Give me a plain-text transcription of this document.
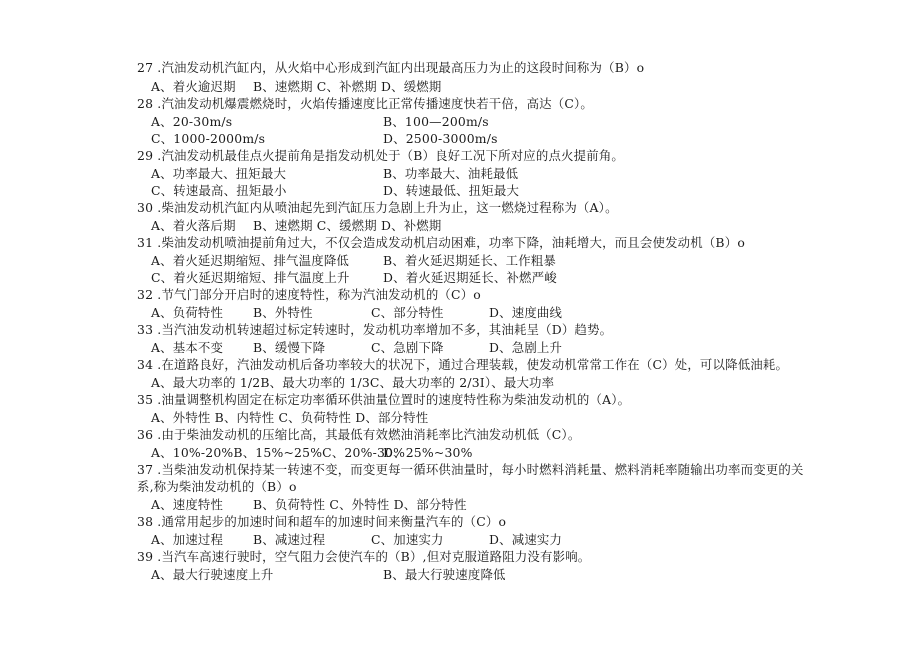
27 .汽油发动机汽缸内，从火焰中心形成到汽缸内出现最高压力为止的这段时间称为（B）o
A、着火逾迟期 B、速燃期 C、补燃期 D、缓燃期
28 .汽油发动机爆震燃烧时，火焰传播速度比正常传播速度快若干倍，高达（C）。
A、20-30m/s	B、100—200m/s
C、1000-2000m/s	D、2500-3000m/s
29 .汽油发动机最佳点火提前角是指发动机处于（B）良好工况下所对应的点火提前角。
A、功率最大、扭矩最大	B、功率最大、油耗最低
C、转速最高、扭矩最小	D、转速最低、扭矩最大
30 .柴油发动机汽缸内从喷油起先到汽缸压力急剧上升为止，这一燃烧过程称为（A）。
A、着火落后期 B、速燃期 C、缓燃期 D、补燃期
31 .柴油发动机喷油提前角过大，不仅会造成发动机启动困难，功率下降，油耗增大，而且会使发动机（B）o
A、着火延迟期缩短、排气温度降低	B、着火延迟期延长、工作粗暴
C、着火延迟期缩短、排气温度上升	D、着火延迟期延长、补燃严峻
32 .节气门部分开启时的速度特性，称为汽油发动机的（C）o
A、负荷特性 B、外特性	C、部分特性	D、速度曲线
33 .当汽油发动机转速超过标定转速时，发动机功率增加不多，其油耗呈（D）趋势。
A、基本不变 B、缓慢下降	C、急剧下降	D、急剧上升
34 .在道路良好，汽油发动机后备功率较大的状况下，通过合理装载，使发动机常常工作在（C）处，可以降低油耗。
A、最大功率的 1/2B、最大功率的 1/3C、最大功率的 2/3I）、最大功率
35 .油量调整机构固定在标定功率循环供油量位置时的速度特性称为柴油发动机的（A）。
A、外特性 B、内特性 C、负荷特性 D、部分特性
36 .由于柴油发动机的压缩比高，其最低有效燃油消耗率比汽油发动机低（C）。
A、10%-20%B、15%~25%C、20%-30%
D、25%~30%
37 .当柴油发动机保持某一转速不变，而变更每一循环供油量时，每小时燃料消耗量、燃料消耗率随输出功率而变更的关
系,称为柴油发动机的（B）o
A、速度特性 B、负荷特性 C、外特性 D、部分特性
38 .通常用起步的加速时间和超车的加速时间来衡量汽车的（C）o
A、加速过程 B、减速过程	C、加速实力	D、减速实力
39 .当汽车高速行驶时，空气阻力会使汽车的（B）,但对克服道路阻力没有影响。
A、最大行驶速度上升	B、最大行驶速度降低
